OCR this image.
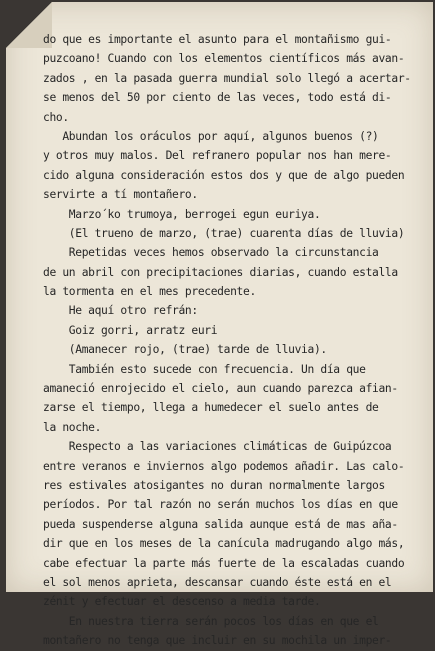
do que es importante el asunto para el montañismo gui-
puzcoano! Cuando con los elementos científicos más avan-
zados , en la pasada guerra mundial solo llegó a acertar-
se menos del 50 por ciento de las veces, todo está di-
cho.
Abundan los oráculos por aquí, algunos buenos (?)
y otros muy malos. Del refranero popular nos han mere-
cido alguna consideración estos dos y que de algo pueden
servirte a tí montañero.
Marzo´ko trumoya, berrogei egun euriya.
(El trueno de marzo, (trae) cuarenta días de lluvia)
Repetidas veces hemos observado la circunstancia
de un abril con precipitaciones diarias, cuando estalla
la tormenta en el mes precedente.
He aquí otro refrán:
Goiz gorri, arratz euri
(Amanecer rojo, (trae) tarde de lluvia).
También esto sucede con frecuencia. Un día que
amaneció enrojecido el cielo, aun cuando parezca afian-
zarse el tiempo, llega a humedecer el suelo antes de
la noche.
Respecto a las variaciones climáticas de Guipúzcoa
entre veranos e inviernos algo podemos añadir. Las calo-
res estivales atosigantes no duran normalmente largos
períodos. Por tal razón no serán muchos los días en que
pueda suspenderse alguna salida aunque está de mas aña-
dir que en los meses de la canícula madrugando algo más,
cabe efectuar la parte más fuerte de la escaladas cuando
el sol menos aprieta, descansar cuando éste está en el
zénit y efectuar el descenso a media tarde.
En nuestra tierra serán pocos los días en que el
montañero no tenga que incluir en su mochila un imper-
